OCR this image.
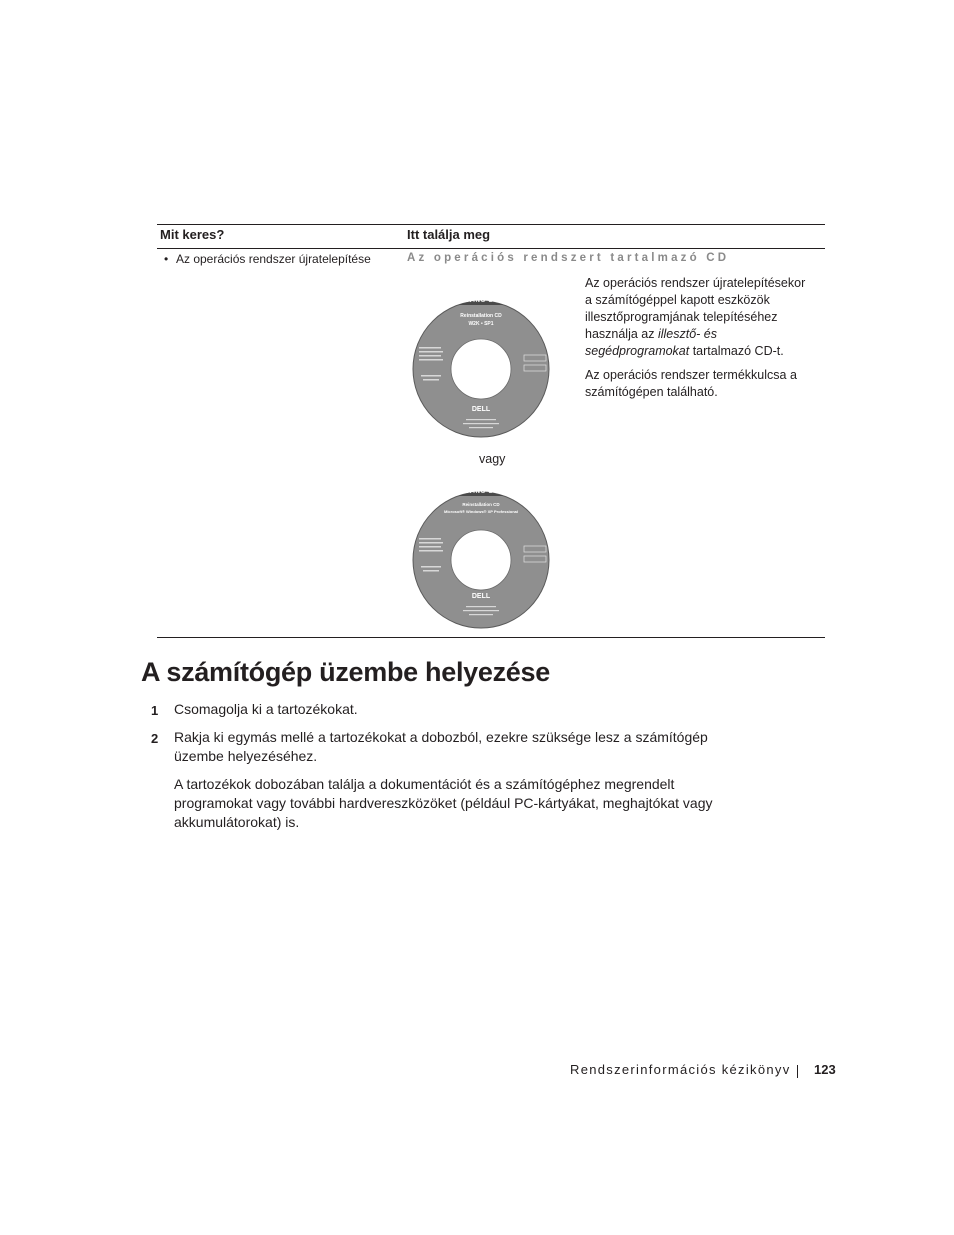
Mit keres?	Itt találja meg
• Az operációs rendszer újratelepítése	Az operációs rendszert tartalmazó CD

Az operációs rendszer újratelepítésekor a számítógéppel kapott eszközök illesztőprogramjának telepítéséhez használja az illesztő- és segédprogramokat tartalmazó CD-t.

Az operációs rendszer termékkulcsa a számítógépen található.

OPERATING SYSTEM
Reinstallation CD
W2K • SP1
DELL
vagy
OPERATING SYSTEM
Reinstallation CD
Microsoft® Windows® XP Professional
DELL
A számítógép üzembe helyezése
1 Csomagolja ki a tartozékokat.
2 Rakja ki egymás mellé a tartozékokat a dobozból, ezekre szüksége lesz a számítógép üzembe helyezéséhez.
A tartozékok dobozában találja a dokumentációt és a számítógéphez megrendelt programokat vagy további hardvereszközöket (például PC-kártyákat, meghajtókat vagy akkumulátorokat) is.
Rendszerinformációs kézikönyv 123
